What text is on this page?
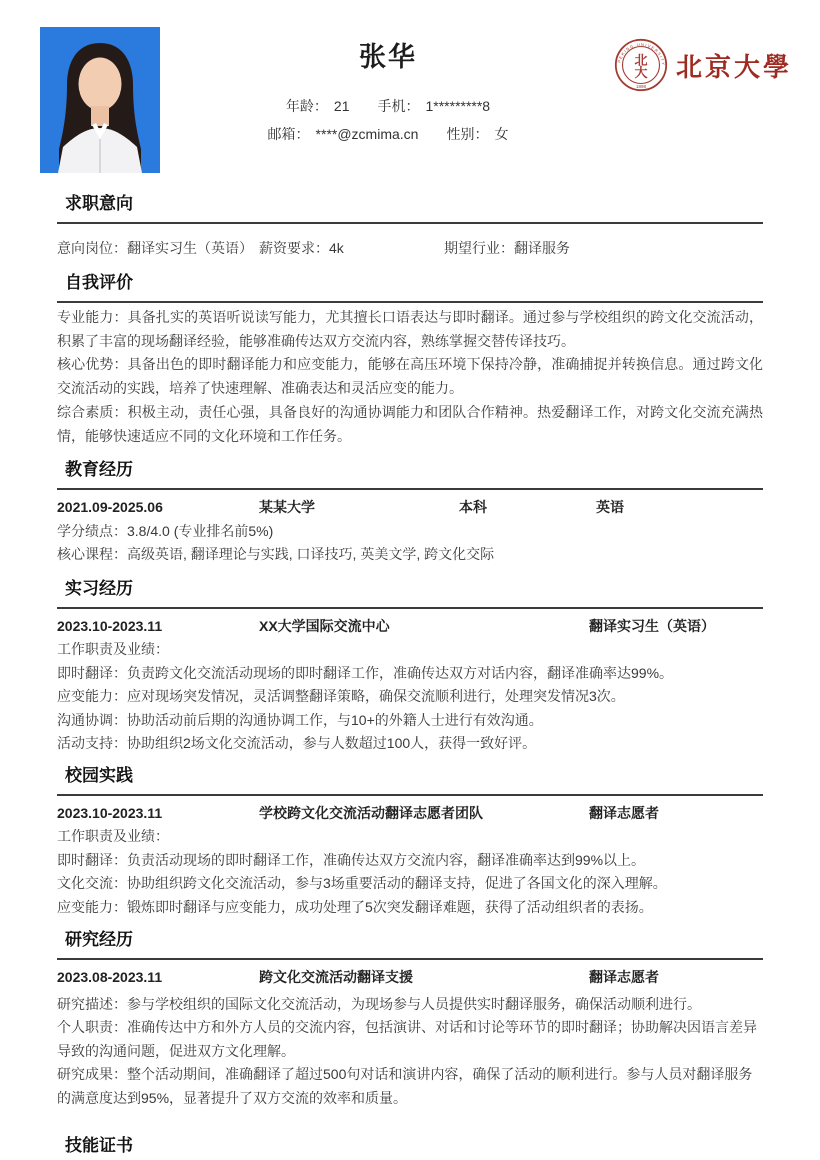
张华
年龄： 21 手机： 1*********8
邮箱： ****@zcmima.cn 性别： 女
PEKING UNIVERSITY
北
大
1898
北京大學
求职意向
意向岗位：翻译实习生（英语） 薪资要求：4k	期望行业：翻译服务
自我评价

专业能力：具备扎实的英语听说读写能力，尤其擅长口语表达与即时翻译。通过参与学校组织的跨文化交流活动，积累了丰富的现场翻译经验，能够准确传达双方交流内容，熟练掌握交替传译技巧。

核心优势：具备出色的即时翻译能力和应变能力，能够在高压环境下保持冷静，准确捕捉并转换信息。通过跨文化交流活动的实践，培养了快速理解、准确表达和灵活应变的能力。

综合素质：积极主动，责任心强，具备良好的沟通协调能力和团队合作精神。热爱翻译工作，对跨文化交流充满热情，能够快速适应不同的文化环境和工作任务。

教育经历
2021.09-2025.06	某某大学	本科	英语

学分绩点：3.8/4.0 (专业排名前5%)

核心课程：高级英语, 翻译理论与实践, 口译技巧, 英美文学, 跨文化交际

实习经历
2023.10-2023.11	XX大学国际交流中心	翻译实习生（英语）

工作职责及业绩：

即时翻译：负责跨文化交流活动现场的即时翻译工作，准确传达双方对话内容，翻译准确率达99%。

应变能力：应对现场突发情况，灵活调整翻译策略，确保交流顺利进行，处理突发情况3次。

沟通协调：协助活动前后期的沟通协调工作，与10+的外籍人士进行有效沟通。

活动支持：协助组织2场文化交流活动，参与人数超过100人，获得一致好评。

校园实践
2023.10-2023.11	学校跨文化交流活动翻译志愿者团队	翻译志愿者

工作职责及业绩：

即时翻译：负责活动现场的即时翻译工作，准确传达双方交流内容，翻译准确率达到99%以上。

文化交流：协助组织跨文化交流活动，参与3场重要活动的翻译支持，促进了各国文化的深入理解。

应变能力：锻炼即时翻译与应变能力，成功处理了5次突发翻译难题，获得了活动组织者的表扬。

研究经历
2023.08-2023.11	跨文化交流活动翻译支援	翻译志愿者

研究描述：参与学校组织的国际文化交流活动，为现场参与人员提供实时翻译服务，确保活动顺利进行。

个人职责：准确传达中方和外方人员的交流内容，包括演讲、对话和讨论等环节的即时翻译；协助解决因语言差异导致的沟通问题，促进双方文化理解。

研究成果：整个活动期间，准确翻译了超过500句对话和演讲内容，确保了活动的顺利进行。参与人员对翻译服务的满意度达到95%，显著提升了双方交流的效率和质量。

技能证书
